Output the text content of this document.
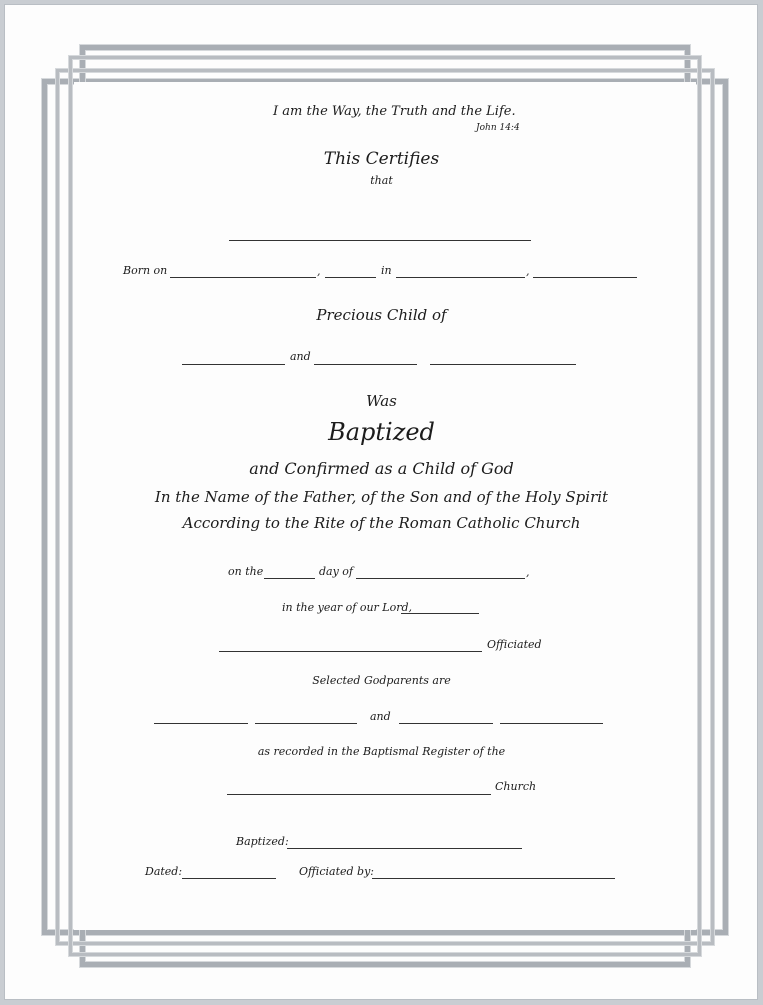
I am the Way, the Truth and the Life.
John 14:4
This Certifies
that
Born on	,	in	,
Precious Child of
and
Was
Baptized
and Confirmed as a Child of God
In the Name of the Father, of the Son and of the Holy Spirit
According to the Rite of the Roman Catholic Church
on the	day of	,
in the year of our Lord,
Officiated
Selected Godparents are
and
as recorded in the Baptismal Register of the
Church
Baptized:
Dated:	Officiated by:
